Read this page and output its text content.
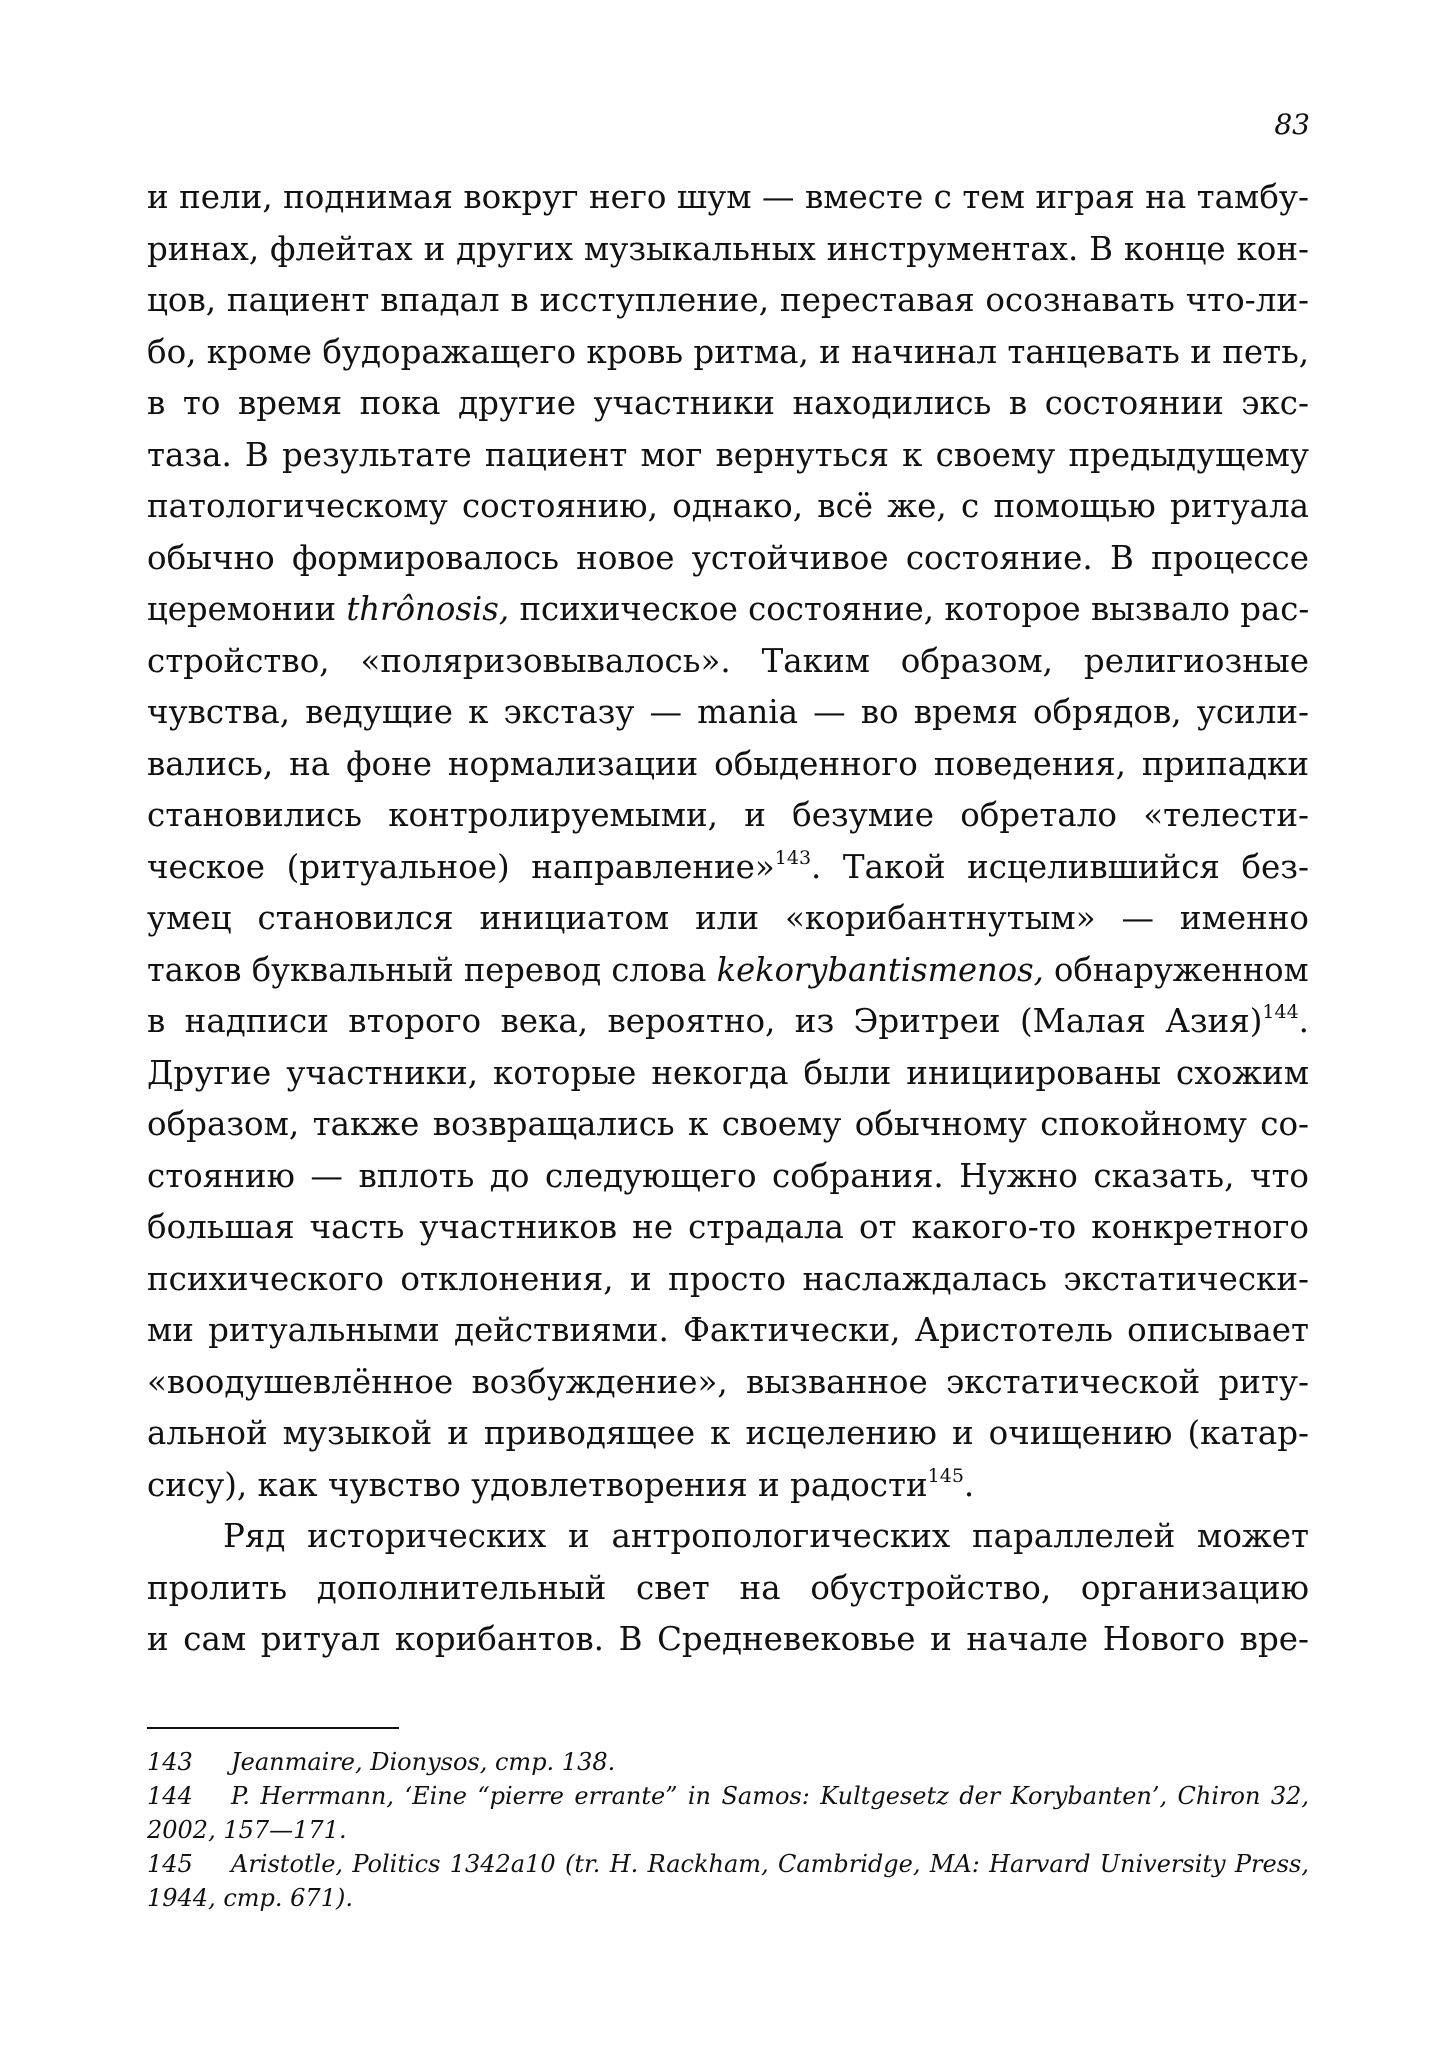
83
и пели, поднимая вокруг него шум — вместе с тем играя на тамбу-
ринах, флейтах и других музыкальных инструментах. В конце кон-
цов, пациент впадал в исступление, переставая осознавать что-ли-
бо, кроме будоражащего кровь ритма, и начинал танцевать и петь,
в то время пока другие участники находились в состоянии экс-
таза. В результате пациент мог вернуться к своему предыдущему
патологическому состоянию, однако, всё же, с помощью ритуала
обычно формировалось новое устойчивое состояние. В процессе
церемонии thrônosis, психическое состояние, которое вызвало рас-
стройство, «поляризовывалось». Таким образом, религиозные
чувства, ведущие к экстазу — mania — во время обрядов, усили-
вались, на фоне нормализации обыденного поведения, припадки
становились контролируемыми, и безумие обретало «телести-
ческое (ритуальное) направление»$^{143}$. Такой исцелившийся без-
умец становился инициатом или «корибантнутым» — именно
таков буквальный перевод слова kekorybantismenos, обнаруженном
в надписи второго века, вероятно, из Эритреи (Малая Азия)$^{144}$.
Другие участники, которые некогда были инициированы схожим
образом, также возвращались к своему обычному спокойному со-
стоянию — вплоть до следующего собрания. Нужно сказать, что
большая часть участников не страдала от какого-то конкретного
психического отклонения, и просто наслаждалась экстатически-
ми ритуальными действиями. Фактически, Аристотель описывает
«воодушевлённое возбуждение», вызванное экстатической риту-
альной музыкой и приводящее к исцелению и очищению (катар-
сису), как чувство удовлетворения и радости$^{145}$.
Ряд исторических и антропологических параллелей может
пролить дополнительный свет на обустройство, организацию
и сам ритуал корибантов. В Средневековье и начале Нового вре-
143 Jeanmaire, Dionysos, стр. 138.
144 P. Herrmann, ‘Eine “pierre errante” in Samos: Kultgesetz der Korybanten’, Chiron 32,
2002, 157—171.
145 Aristotle, Politics 1342a10 (tr. H. Rackham, Cambridge, MA: Harvard University Press,
1944, стр. 671).
